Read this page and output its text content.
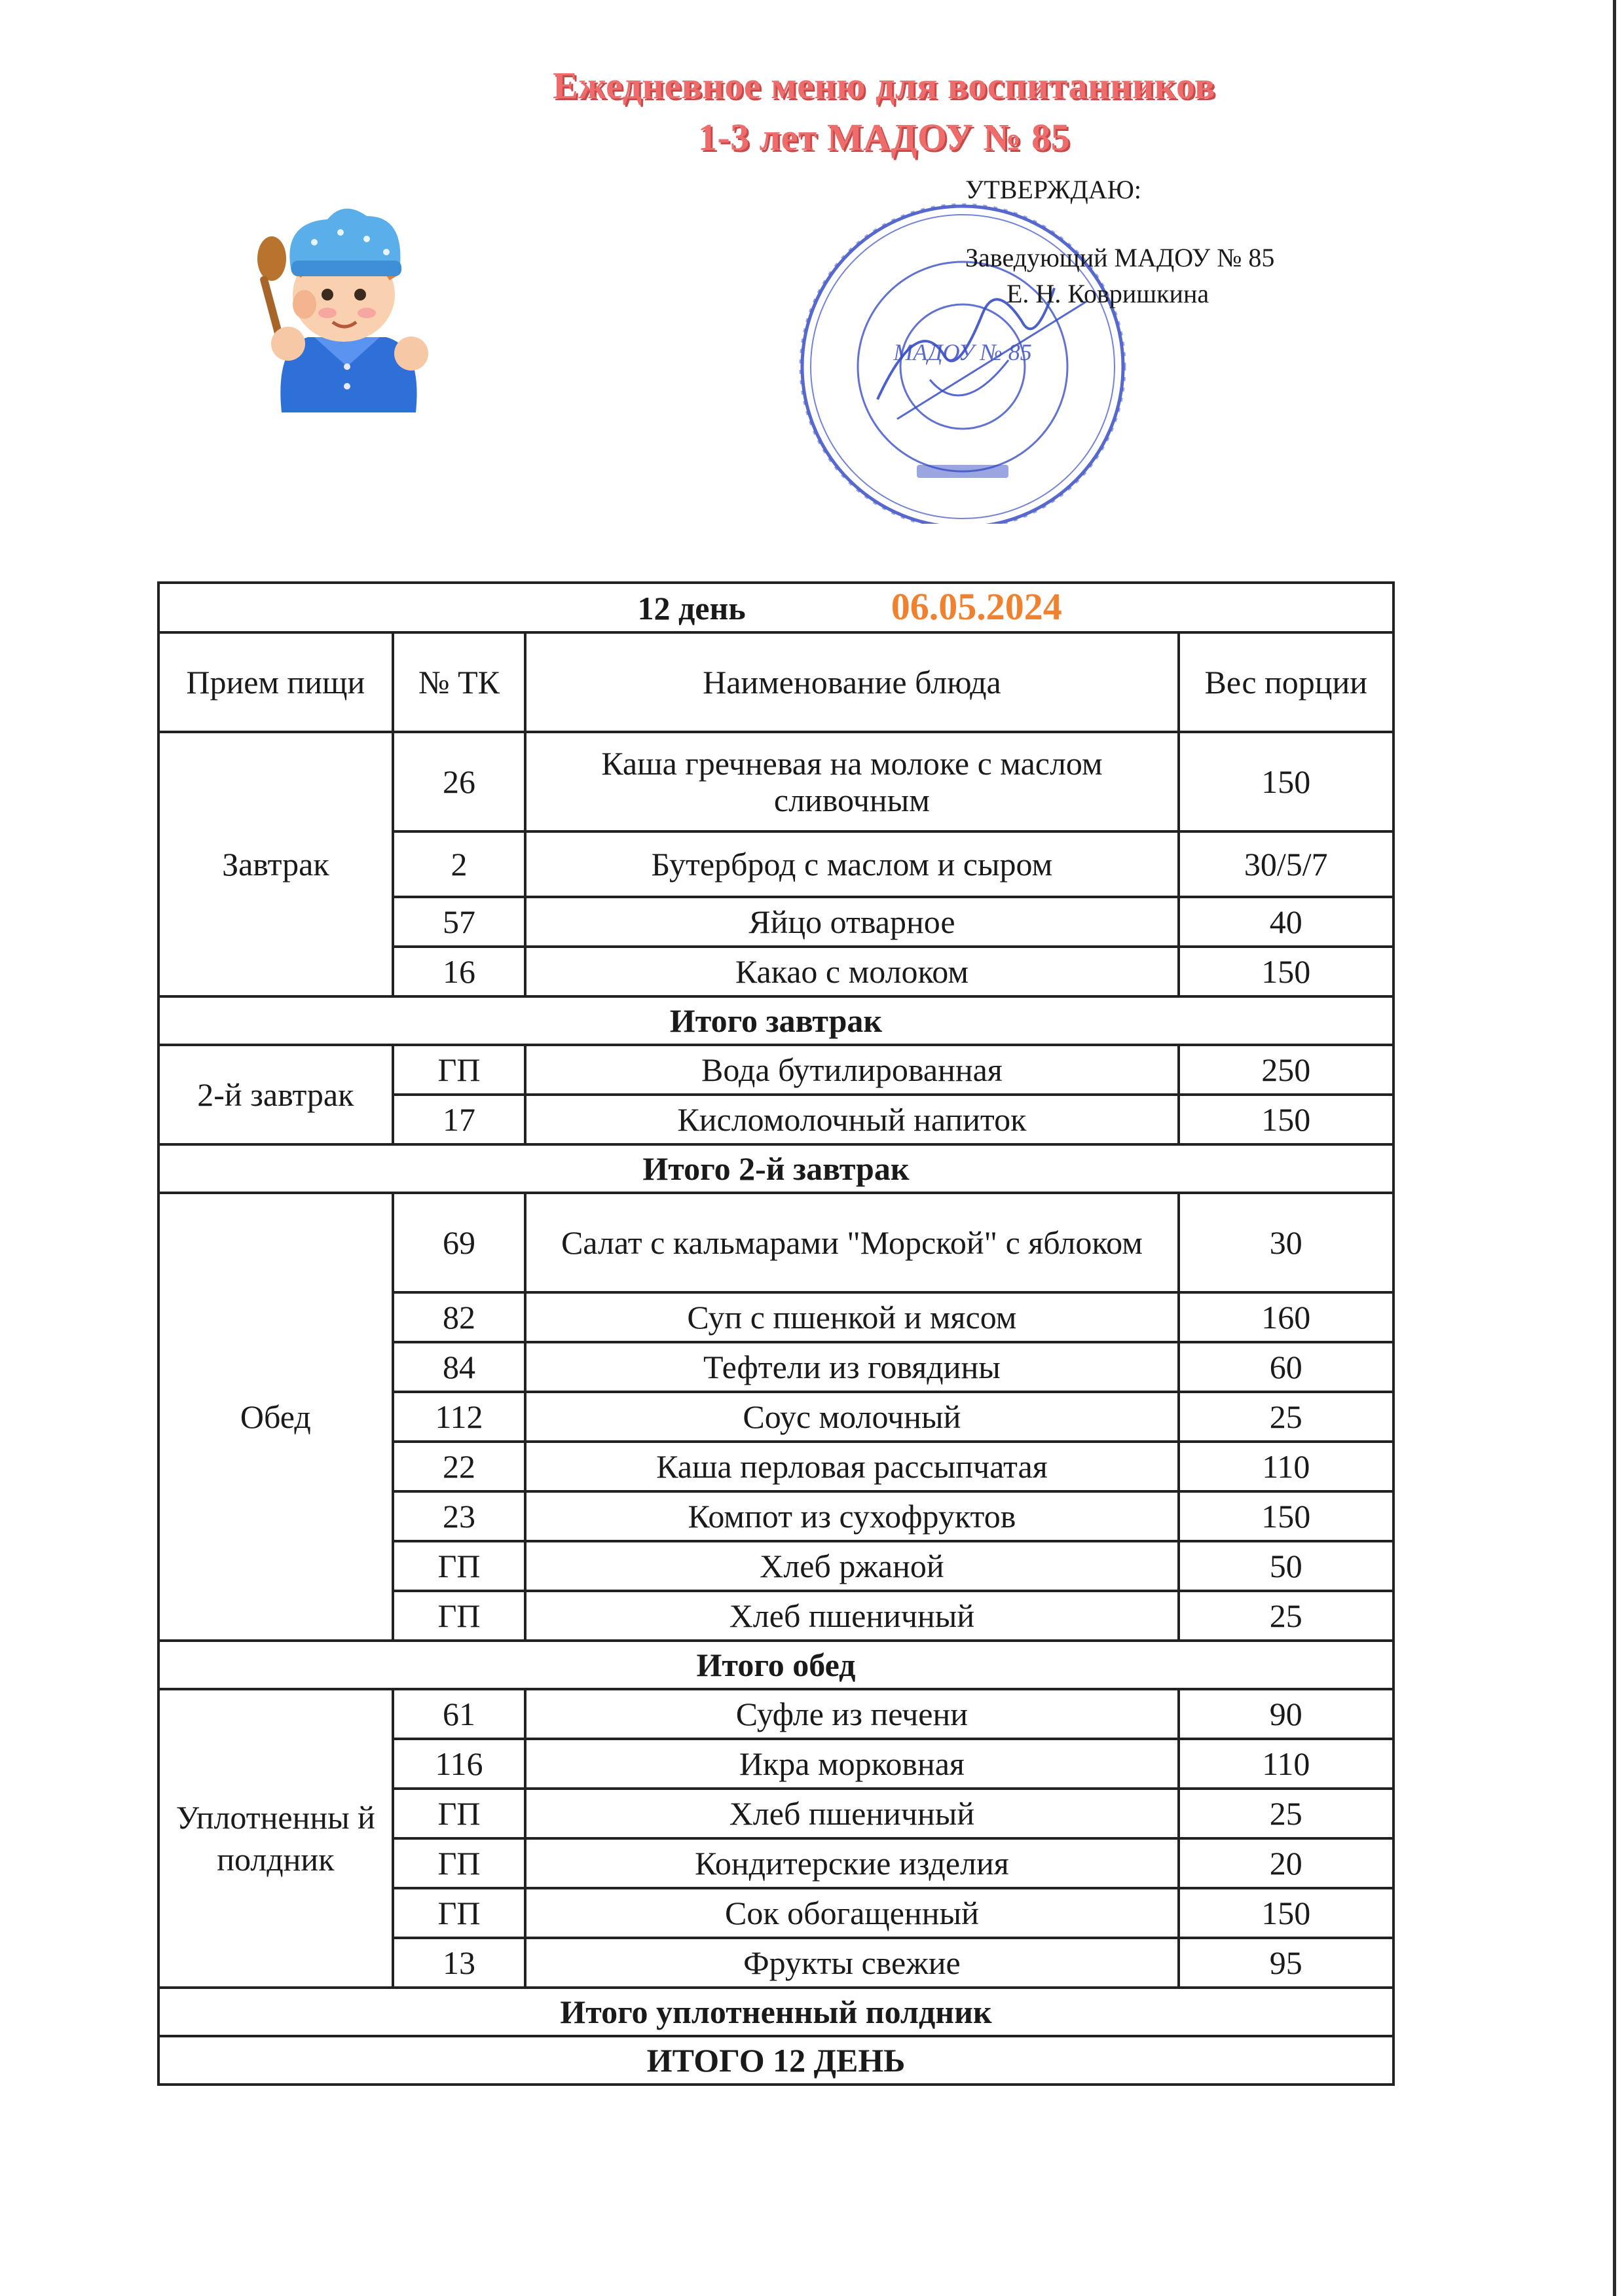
Ежедневное меню для воспитанников
1-3 лет МАДОУ № 85
МАДОУ № 85
УТВЕРЖДАЮ:
Заведующий МАДОУ № 85
Е. Н. Ковришкина
12 день 06.05.2024			
Прием пищи	№ ТК	Наименование блюда	Вес порции
Завтрак	26	Каша гречневая на молоке с маслом сливочным	150
	2	Бутерброд с маслом и сыром	30/5/7
	57	Яйцо отварное	40
	16	Какао с молоком	150
Итого завтрак			
2-й завтрак	ГП	Вода бутилированная	250
	17	Кисломолочный напиток	150
Итого 2-й завтрак			
Обед	69	Салат с кальмарами "Морской" с яблоком	30
	82	Суп с пшенкой и мясом	160
	84	Тефтели из говядины	60
	112	Соус молочный	25
	22	Каша перловая рассыпчатая	110
	23	Компот из сухофруктов	150
	ГП	Хлеб ржаной	50
	ГП	Хлеб пшеничный	25
Итого обед			
Уплотненны й полдник	61	Суфле из печени	90
	116	Икра морковная	110
	ГП	Хлеб пшеничный	25
	ГП	Кондитерские изделия	20
	ГП	Сок обогащенный	150
	13	Фрукты свежие	95
Итого уплотненный полдник			
ИТОГО 12 ДЕНЬ			
